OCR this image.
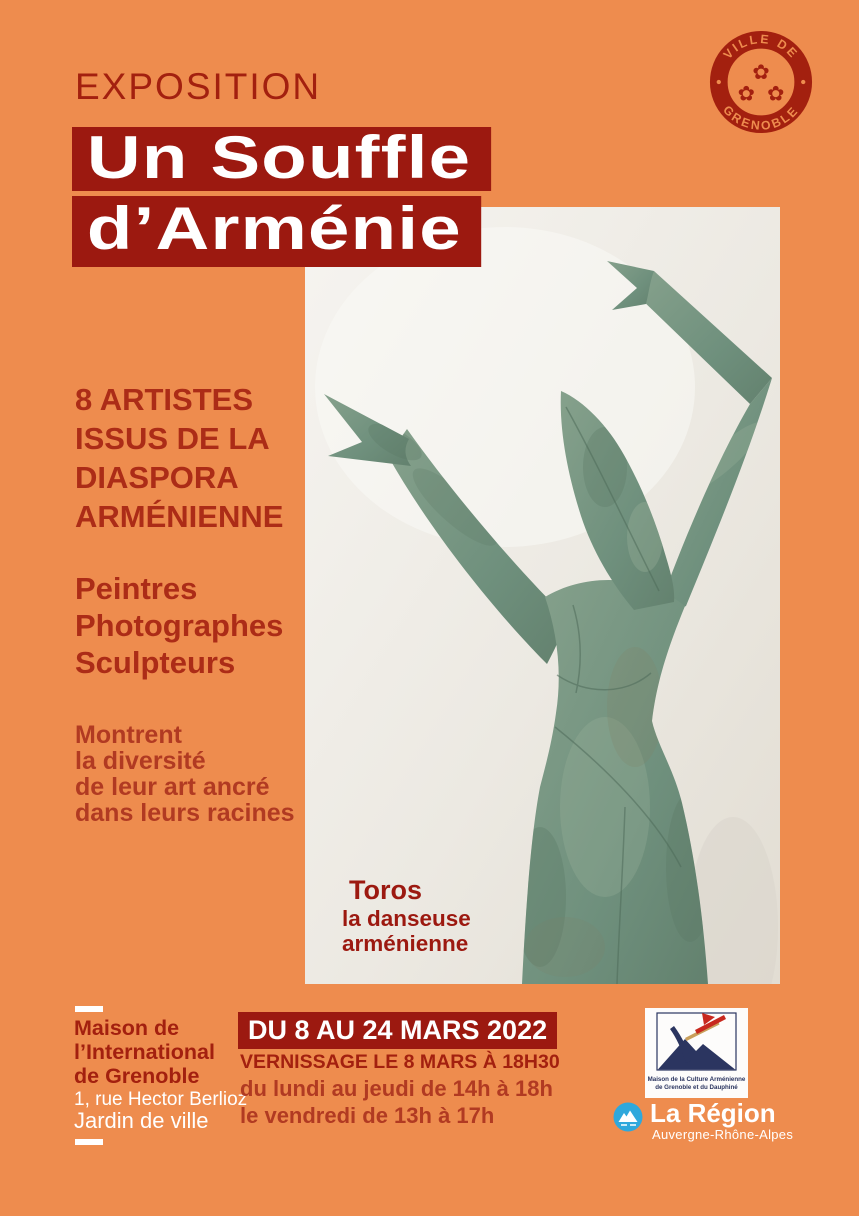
Toros
la danseuse
arménienne
EXPOSITION
Un Souffle
d’Arménie
VILLE DE
GRENOBLE
✿
✿ ✿
8 ARTISTES
ISSUS DE LA
DIASPORA
ARMÉNIENNE
Peintres
Photographes
Sculpteurs
Montrent
la diversité
de leur art ancré
dans leurs racines
Maison de
l’International
de Grenoble
1, rue Hector Berlioz
Jardin de ville
DU 8 AU 24 MARS 2022
VERNISSAGE LE 8 MARS À 18H30
du lundi au jeudi de 14h à 18h
le vendredi de 13h à 17h
Maison de la Culture Arménienne
de Grenoble et du Dauphiné
La Région
Auvergne-Rhône-Alpes
